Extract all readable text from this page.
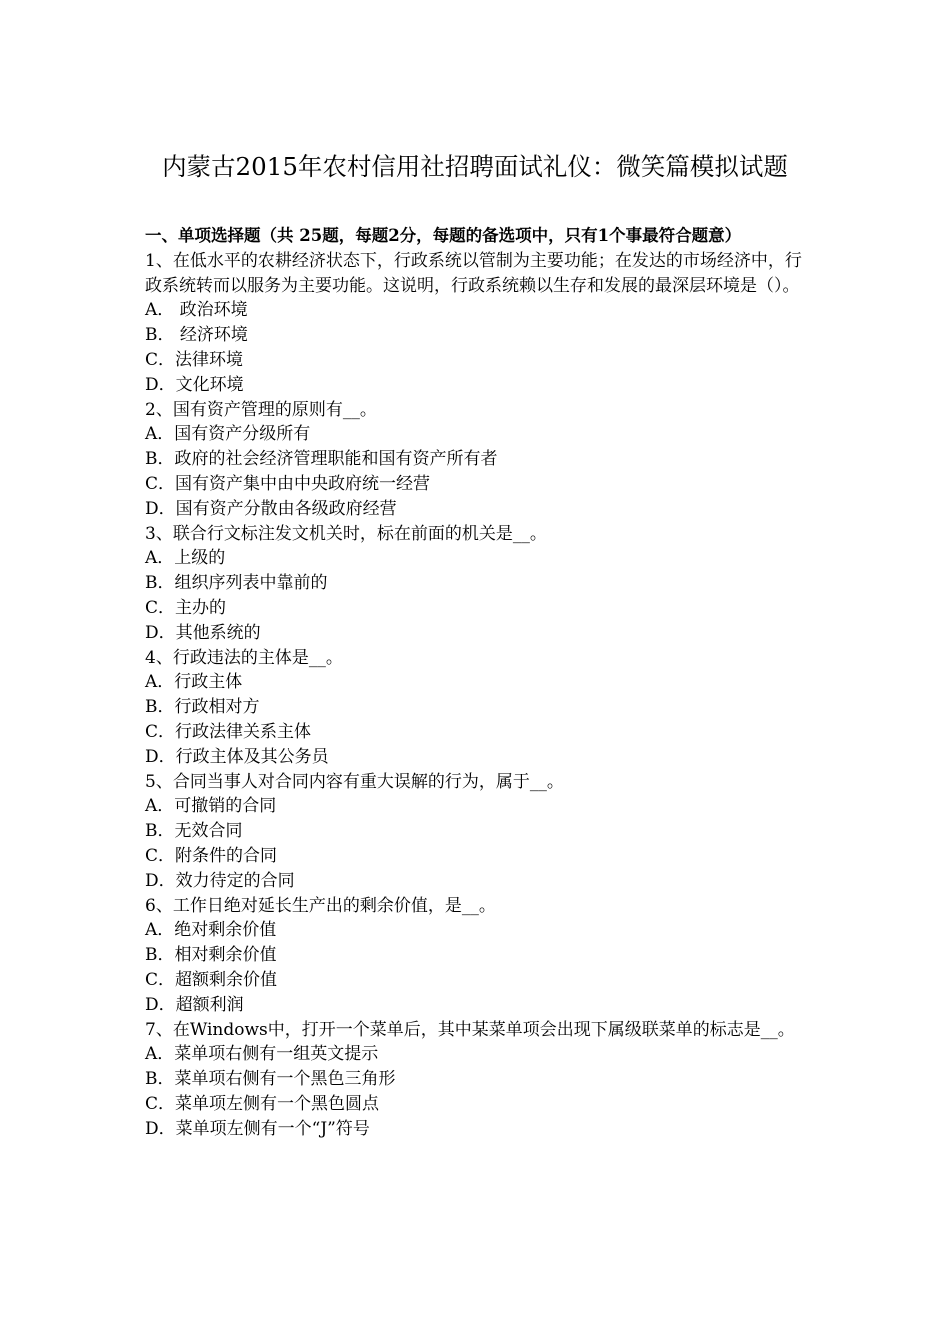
内蒙古2015年农村信用社招聘面试礼仪：微笑篇模拟试题

一、单项选择题（共 25题，每题2分，每题的备选项中，只有1个事最符合题意）

1、在低水平的农耕经济状态下，行政系统以管制为主要功能；在发达的市场经济中，行政系统转而以服务为主要功能。这说明，行政系统赖以生存和发展的最深层环境是（）。

A． 政治环境

B． 经济环境

C．法律环境

D．文化环境

2、国有资产管理的原则有__。

A．国有资产分级所有

B．政府的社会经济管理职能和国有资产所有者

C．国有资产集中由中央政府统一经营

D．国有资产分散由各级政府经营

3、联合行文标注发文机关时，标在前面的机关是__。

A．上级的

B．组织序列表中靠前的

C．主办的

D．其他系统的

4、行政违法的主体是__。

A．行政主体

B．行政相对方

C．行政法律关系主体

D．行政主体及其公务员

5、合同当事人对合同内容有重大误解的行为，属于__。

A．可撤销的合同

B．无效合同

C．附条件的合同

D．效力待定的合同

6、工作日绝对延长生产出的剩余价值，是__。

A．绝对剩余价值

B．相对剩余价值

C．超额剩余价值

D．超额利润

7、在Windows中，打开一个菜单后，其中某菜单项会出现下属级联菜单的标志是__。

A．菜单项右侧有一组英文提示

B．菜单项右侧有一个黑色三角形

C．菜单项左侧有一个黑色圆点

D．菜单项左侧有一个“J”符号
